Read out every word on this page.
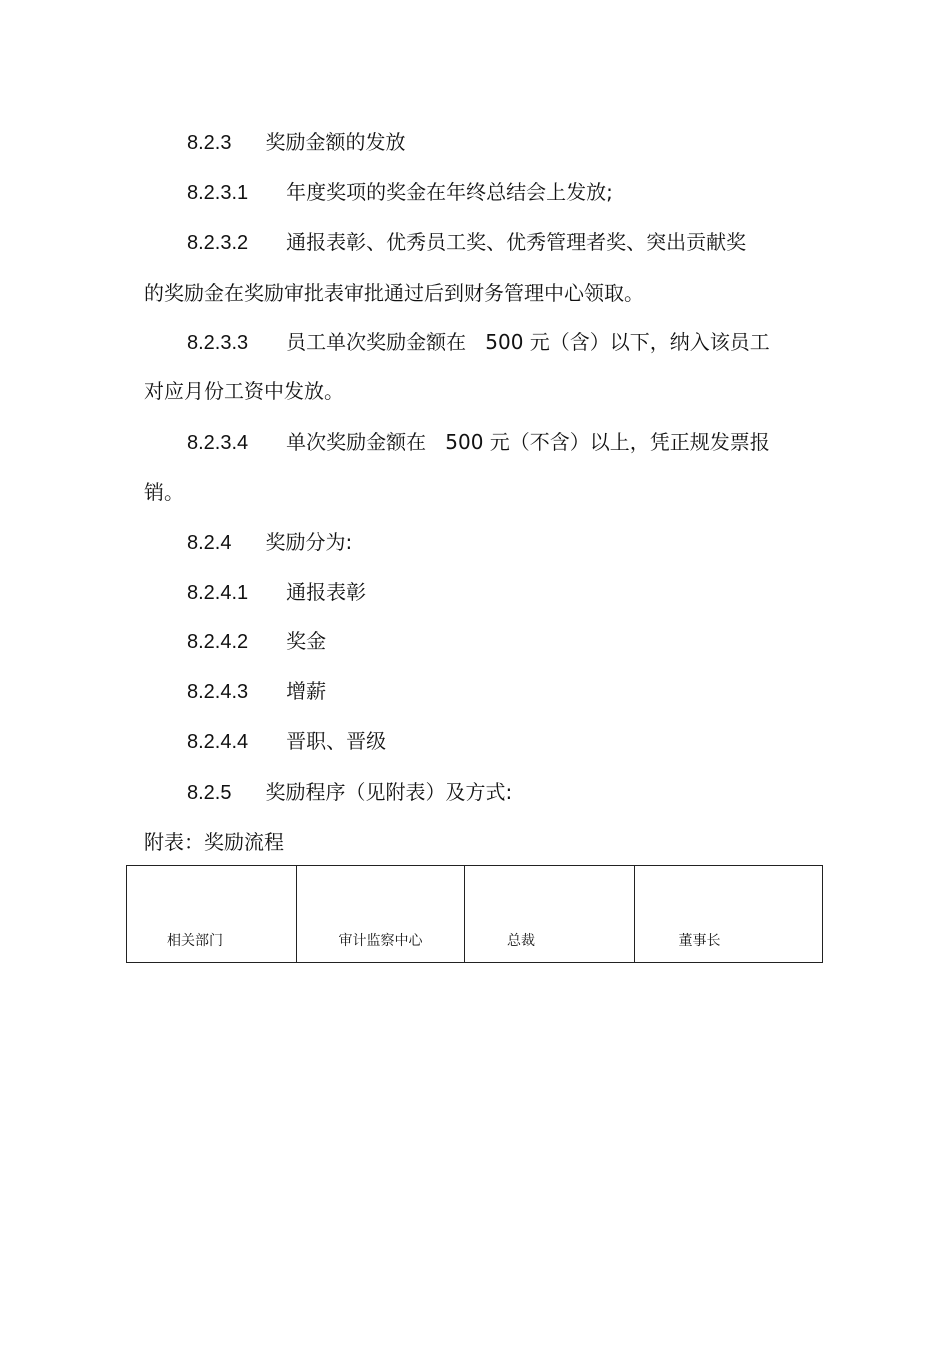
8.2.3 奖励金额的发放
8.2.3.1 年度奖项的奖金在年终总结会上发放;
8.2.3.2 通报表彰、优秀员工奖、优秀管理者奖、突出贡献奖
的奖励金在奖励审批表审批通过后到财务管理中心领取。
8.2.3.3 员工单次奖励金额在   500 元（含）以下，纳入该员工
对应月份工资中发放。
8.2.3.4 单次奖励金额在   500 元（不含）以上，凭正规发票报
销。
8.2.4 奖励分为:
8.2.4.1 通报表彰
8.2.4.2 奖金
8.2.4.3 增薪
8.2.4.4 晋职、晋级
8.2.5 奖励程序（见附表）及方式:
附表：奖励流程
相关部门	审计监察中心	总裁	董事长
